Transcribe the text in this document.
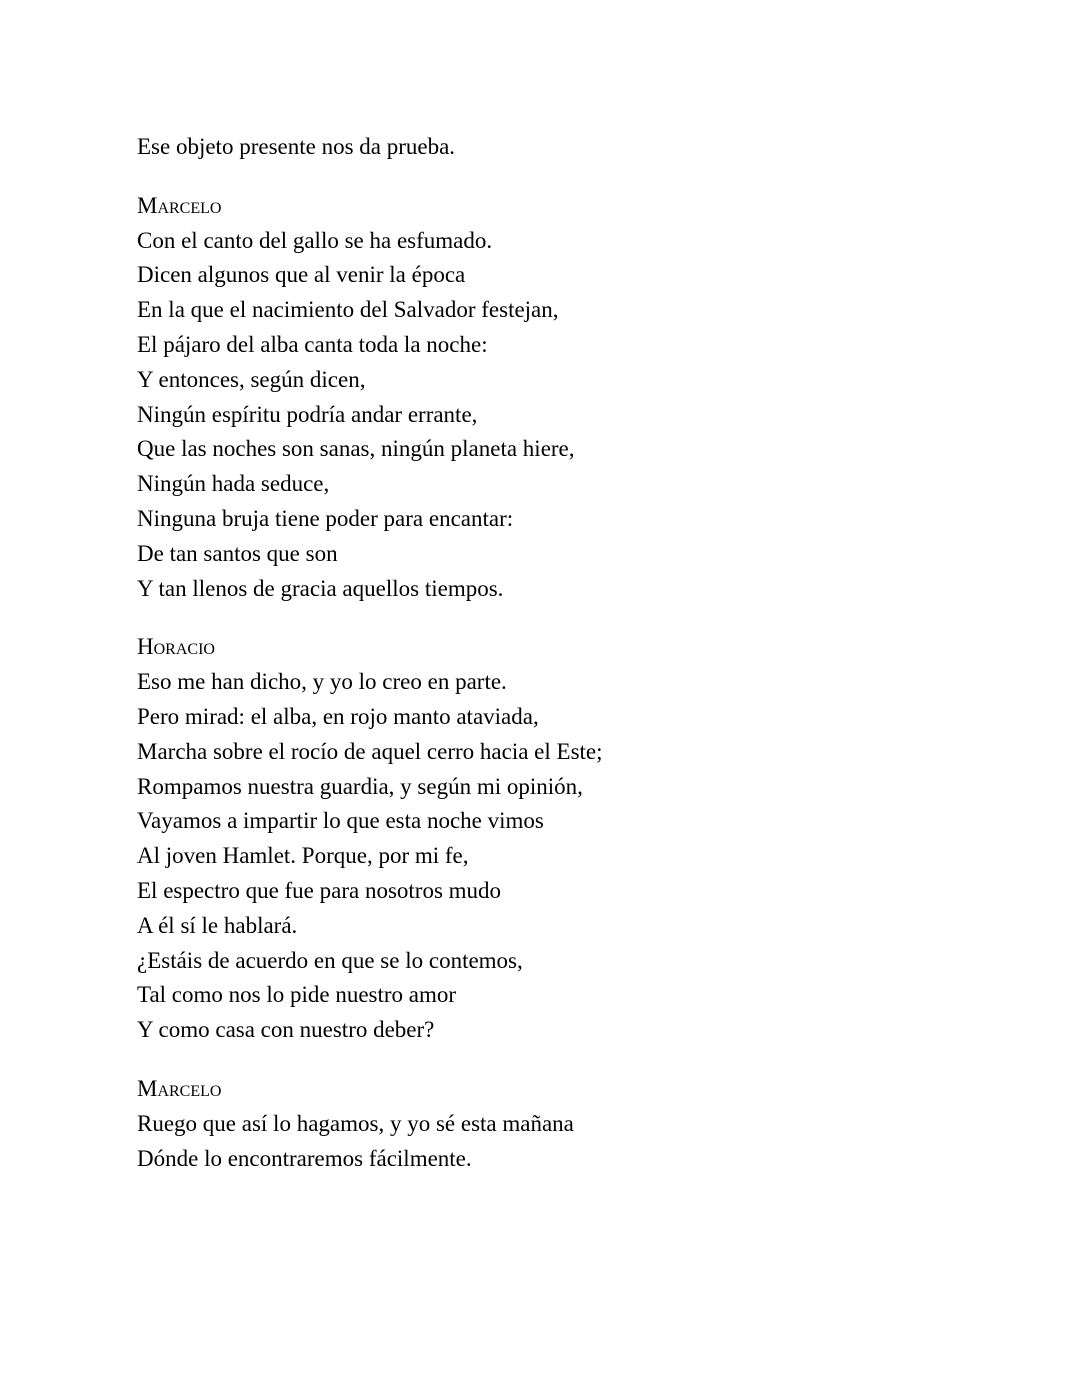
Ese objeto presente nos da prueba.

Marcelo

Con el canto del gallo se ha esfumado.

Dicen algunos que al venir la época

En la que el nacimiento del Salvador festejan,

El pájaro del alba canta toda la noche:

Y entonces, según dicen,

Ningún espíritu podría andar errante,

Que las noches son sanas, ningún planeta hiere,

Ningún hada seduce,

Ninguna bruja tiene poder para encantar:

De tan santos que son

Y tan llenos de gracia aquellos tiempos.

Horacio

Eso me han dicho, y yo lo creo en parte.

Pero mirad: el alba, en rojo manto ataviada,

Marcha sobre el rocío de aquel cerro hacia el Este;

Rompamos nuestra guardia, y según mi opinión,

Vayamos a impartir lo que esta noche vimos

Al joven Hamlet. Porque, por mi fe,

El espectro que fue para nosotros mudo

A él sí le hablará.

¿Estáis de acuerdo en que se lo contemos,

Tal como nos lo pide nuestro amor

Y como casa con nuestro deber?

Marcelo

Ruego que así lo hagamos, y yo sé esta mañana

Dónde lo encontraremos fácilmente.
